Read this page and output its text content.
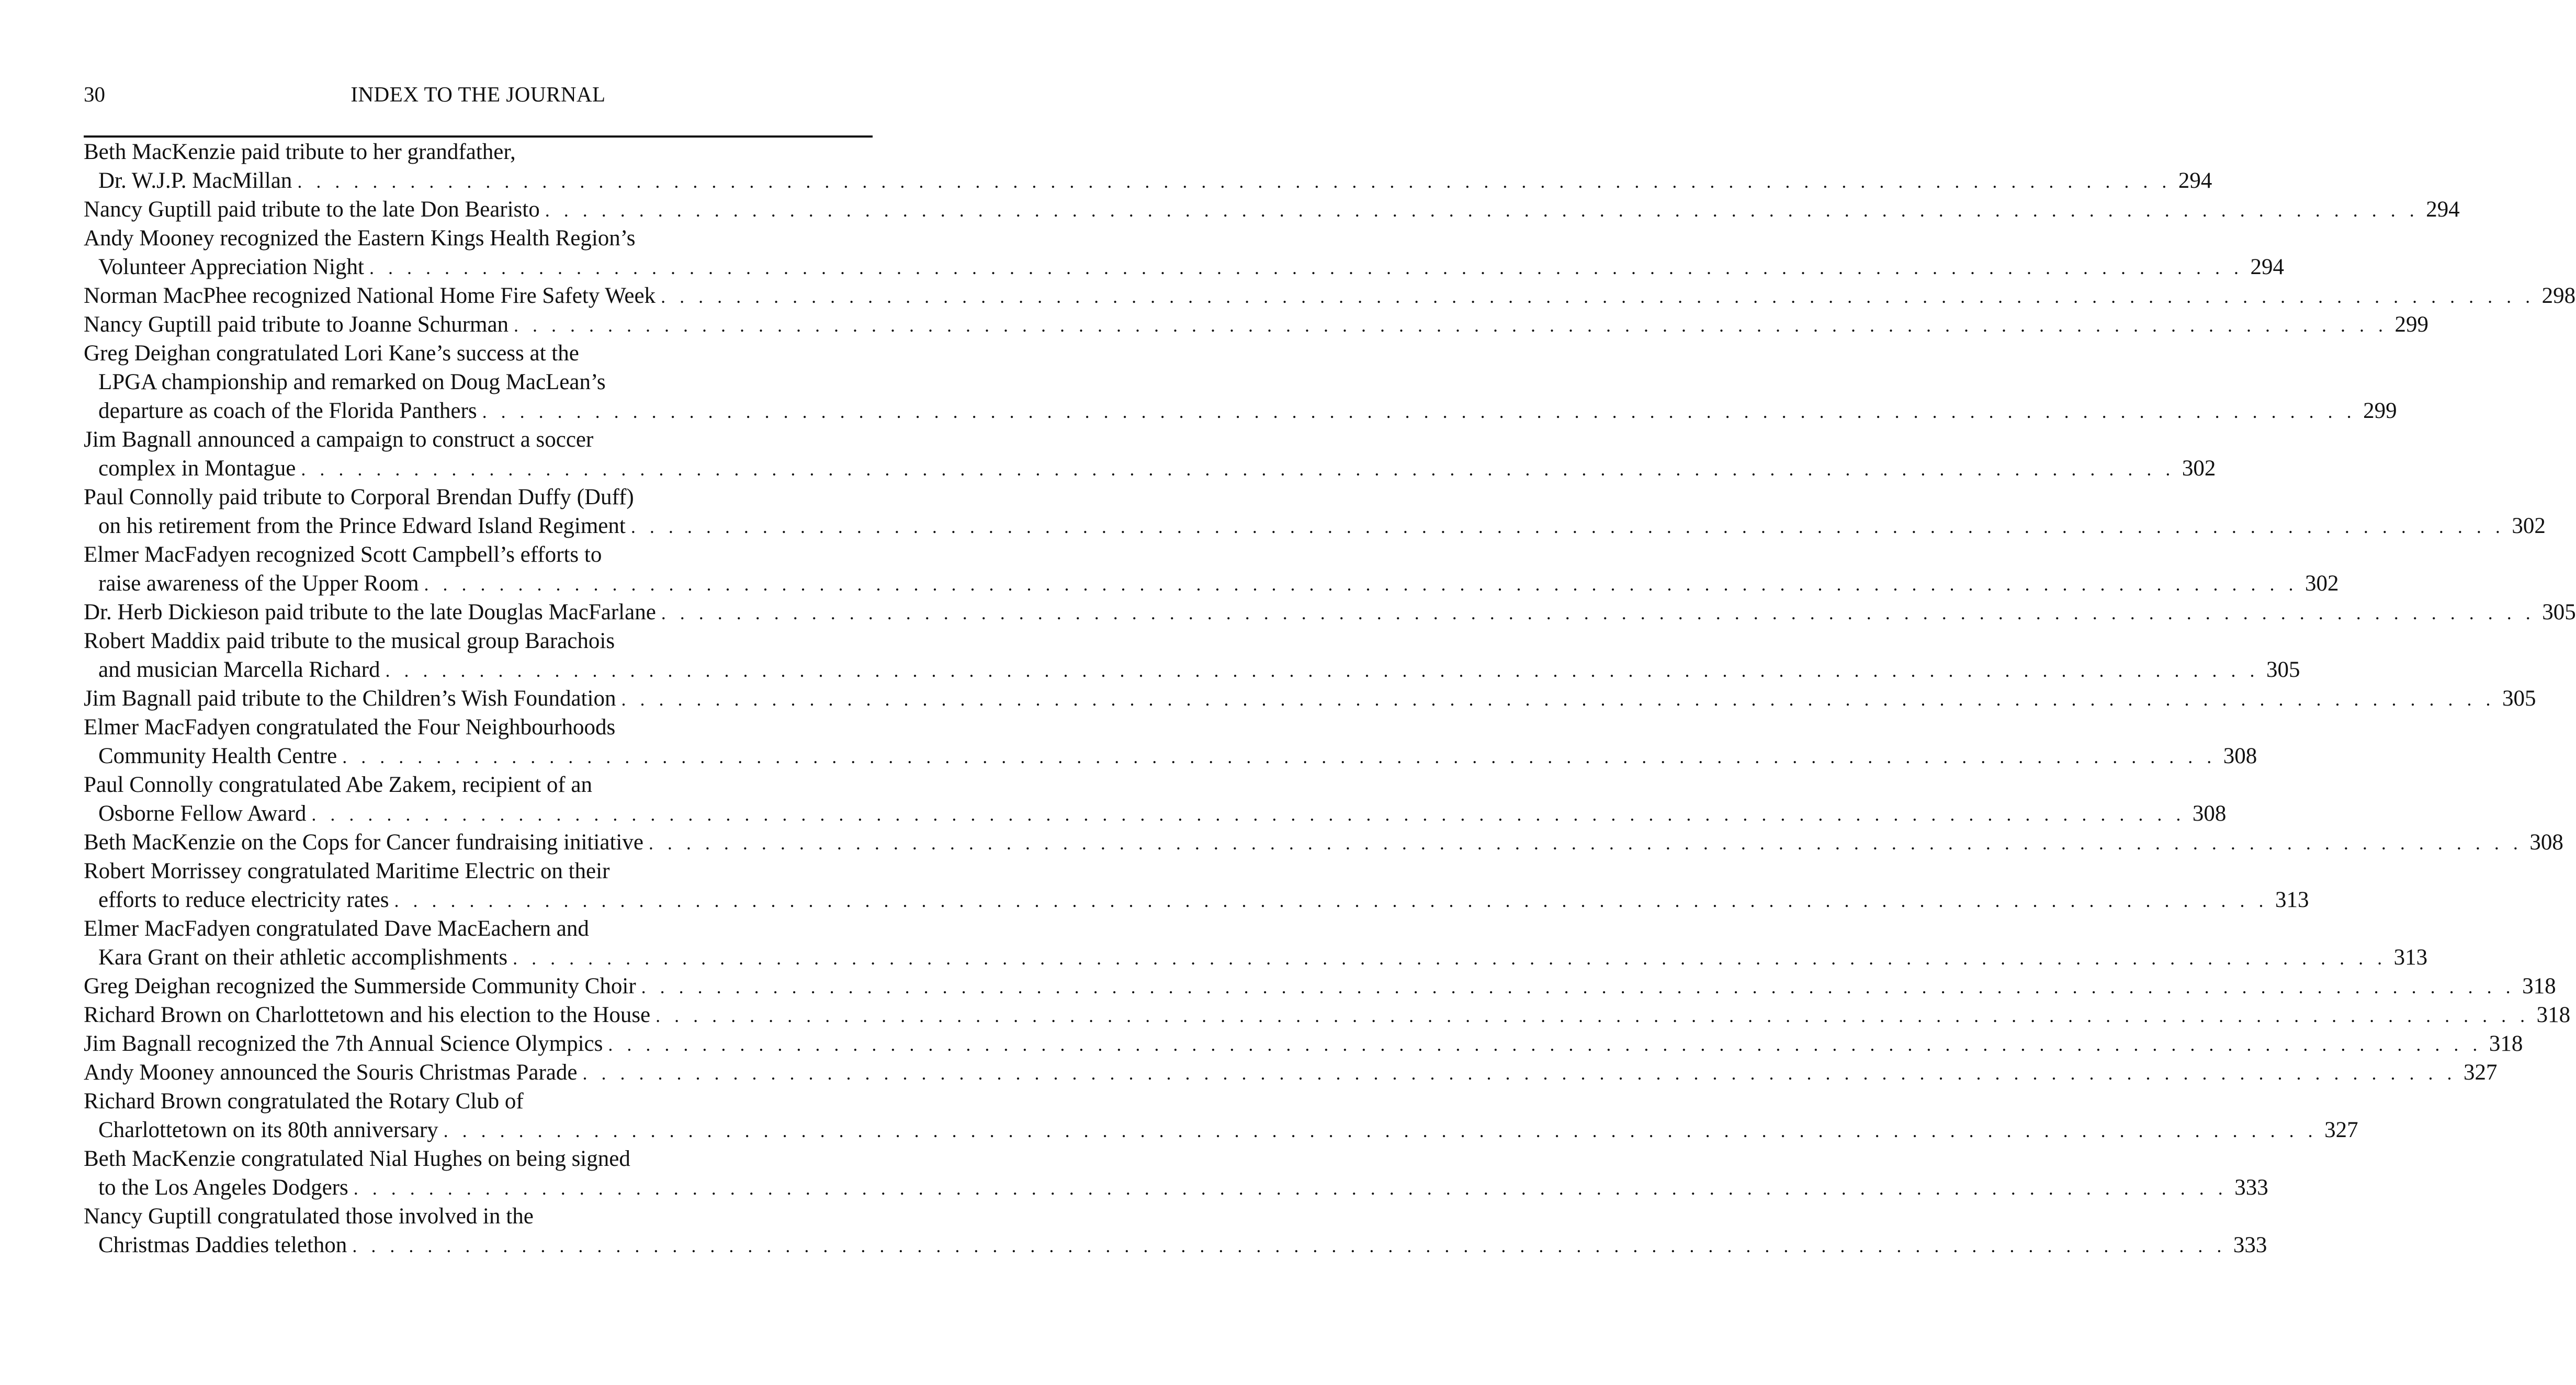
30	INDEX TO THE JOURNAL
Beth MacKenzie paid tribute to her grandfather,
Dr. W.J.P. MacMillan . . . . . . . . . . . . . . . . . . . . . . . . . . . . . . . . . . . . . . . . . . . . . . . . . . . . . . . . . . . . . . . . . . . . . . . . . . . . . . . . . . . . . . . . . . . . . . . . . . . . 294
Nancy Guptill paid tribute to the late Don Bearisto . . . . . . . . . . . . . . . . . . . . . . . . . . . . . . . . . . . . . . . . . . . . . . . . . . . . . . . . . . . . . . . . . . . . . . . . . . . . . . . . . . . . . . . . . . . . . . . . . . . . 294
Andy Mooney recognized the Eastern Kings Health Region’s
Volunteer Appreciation Night . . . . . . . . . . . . . . . . . . . . . . . . . . . . . . . . . . . . . . . . . . . . . . . . . . . . . . . . . . . . . . . . . . . . . . . . . . . . . . . . . . . . . . . . . . . . . . . . . . . . 294
Norman MacPhee recognized National Home Fire Safety Week . . . . . . . . . . . . . . . . . . . . . . . . . . . . . . . . . . . . . . . . . . . . . . . . . . . . . . . . . . . . . . . . . . . . . . . . . . . . . . . . . . . . . . . . . . . . . . . . . . . . 298
Nancy Guptill paid tribute to Joanne Schurman . . . . . . . . . . . . . . . . . . . . . . . . . . . . . . . . . . . . . . . . . . . . . . . . . . . . . . . . . . . . . . . . . . . . . . . . . . . . . . . . . . . . . . . . . . . . . . . . . . . . 299
Greg Deighan congratulated Lori Kane’s success at the
LPGA championship and remarked on Doug MacLean’s
departure as coach of the Florida Panthers . . . . . . . . . . . . . . . . . . . . . . . . . . . . . . . . . . . . . . . . . . . . . . . . . . . . . . . . . . . . . . . . . . . . . . . . . . . . . . . . . . . . . . . . . . . . . . . . . . . . 299
Jim Bagnall announced a campaign to construct a soccer
complex in Montague . . . . . . . . . . . . . . . . . . . . . . . . . . . . . . . . . . . . . . . . . . . . . . . . . . . . . . . . . . . . . . . . . . . . . . . . . . . . . . . . . . . . . . . . . . . . . . . . . . . . 302
Paul Connolly paid tribute to Corporal Brendan Duffy (Duff)
on his retirement from the Prince Edward Island Regiment . . . . . . . . . . . . . . . . . . . . . . . . . . . . . . . . . . . . . . . . . . . . . . . . . . . . . . . . . . . . . . . . . . . . . . . . . . . . . . . . . . . . . . . . . . . . . . . . . . . . 302
Elmer MacFadyen recognized Scott Campbell’s efforts to
raise awareness of the Upper Room . . . . . . . . . . . . . . . . . . . . . . . . . . . . . . . . . . . . . . . . . . . . . . . . . . . . . . . . . . . . . . . . . . . . . . . . . . . . . . . . . . . . . . . . . . . . . . . . . . . . 302
Dr. Herb Dickieson paid tribute to the late Douglas MacFarlane . . . . . . . . . . . . . . . . . . . . . . . . . . . . . . . . . . . . . . . . . . . . . . . . . . . . . . . . . . . . . . . . . . . . . . . . . . . . . . . . . . . . . . . . . . . . . . . . . . . . 305
Robert Maddix paid tribute to the musical group Barachois
and musician Marcella Richard . . . . . . . . . . . . . . . . . . . . . . . . . . . . . . . . . . . . . . . . . . . . . . . . . . . . . . . . . . . . . . . . . . . . . . . . . . . . . . . . . . . . . . . . . . . . . . . . . . . . 305
Jim Bagnall paid tribute to the Children’s Wish Foundation . . . . . . . . . . . . . . . . . . . . . . . . . . . . . . . . . . . . . . . . . . . . . . . . . . . . . . . . . . . . . . . . . . . . . . . . . . . . . . . . . . . . . . . . . . . . . . . . . . . . 305
Elmer MacFadyen congratulated the Four Neighbourhoods
Community Health Centre . . . . . . . . . . . . . . . . . . . . . . . . . . . . . . . . . . . . . . . . . . . . . . . . . . . . . . . . . . . . . . . . . . . . . . . . . . . . . . . . . . . . . . . . . . . . . . . . . . . . 308
Paul Connolly congratulated Abe Zakem, recipient of an
Osborne Fellow Award . . . . . . . . . . . . . . . . . . . . . . . . . . . . . . . . . . . . . . . . . . . . . . . . . . . . . . . . . . . . . . . . . . . . . . . . . . . . . . . . . . . . . . . . . . . . . . . . . . . . 308
Beth MacKenzie on the Cops for Cancer fundraising initiative . . . . . . . . . . . . . . . . . . . . . . . . . . . . . . . . . . . . . . . . . . . . . . . . . . . . . . . . . . . . . . . . . . . . . . . . . . . . . . . . . . . . . . . . . . . . . . . . . . . . 308
Robert Morrissey congratulated Maritime Electric on their
efforts to reduce electricity rates . . . . . . . . . . . . . . . . . . . . . . . . . . . . . . . . . . . . . . . . . . . . . . . . . . . . . . . . . . . . . . . . . . . . . . . . . . . . . . . . . . . . . . . . . . . . . . . . . . . . 313
Elmer MacFadyen congratulated Dave MacEachern and
Kara Grant on their athletic accomplishments . . . . . . . . . . . . . . . . . . . . . . . . . . . . . . . . . . . . . . . . . . . . . . . . . . . . . . . . . . . . . . . . . . . . . . . . . . . . . . . . . . . . . . . . . . . . . . . . . . . . 313
Greg Deighan recognized the Summerside Community Choir . . . . . . . . . . . . . . . . . . . . . . . . . . . . . . . . . . . . . . . . . . . . . . . . . . . . . . . . . . . . . . . . . . . . . . . . . . . . . . . . . . . . . . . . . . . . . . . . . . . . 318
Richard Brown on Charlottetown and his election to the House . . . . . . . . . . . . . . . . . . . . . . . . . . . . . . . . . . . . . . . . . . . . . . . . . . . . . . . . . . . . . . . . . . . . . . . . . . . . . . . . . . . . . . . . . . . . . . . . . . . . 318
Jim Bagnall recognized the 7th Annual Science Olympics . . . . . . . . . . . . . . . . . . . . . . . . . . . . . . . . . . . . . . . . . . . . . . . . . . . . . . . . . . . . . . . . . . . . . . . . . . . . . . . . . . . . . . . . . . . . . . . . . . . . 318
Andy Mooney announced the Souris Christmas Parade . . . . . . . . . . . . . . . . . . . . . . . . . . . . . . . . . . . . . . . . . . . . . . . . . . . . . . . . . . . . . . . . . . . . . . . . . . . . . . . . . . . . . . . . . . . . . . . . . . . . 327
Richard Brown congratulated the Rotary Club of
Charlottetown on its 80th anniversary . . . . . . . . . . . . . . . . . . . . . . . . . . . . . . . . . . . . . . . . . . . . . . . . . . . . . . . . . . . . . . . . . . . . . . . . . . . . . . . . . . . . . . . . . . . . . . . . . . . . 327
Beth MacKenzie congratulated Nial Hughes on being signed
to the Los Angeles Dodgers . . . . . . . . . . . . . . . . . . . . . . . . . . . . . . . . . . . . . . . . . . . . . . . . . . . . . . . . . . . . . . . . . . . . . . . . . . . . . . . . . . . . . . . . . . . . . . . . . . . . 333
Nancy Guptill congratulated those involved in the
Christmas Daddies telethon . . . . . . . . . . . . . . . . . . . . . . . . . . . . . . . . . . . . . . . . . . . . . . . . . . . . . . . . . . . . . . . . . . . . . . . . . . . . . . . . . . . . . . . . . . . . . . . . . . . . 333
